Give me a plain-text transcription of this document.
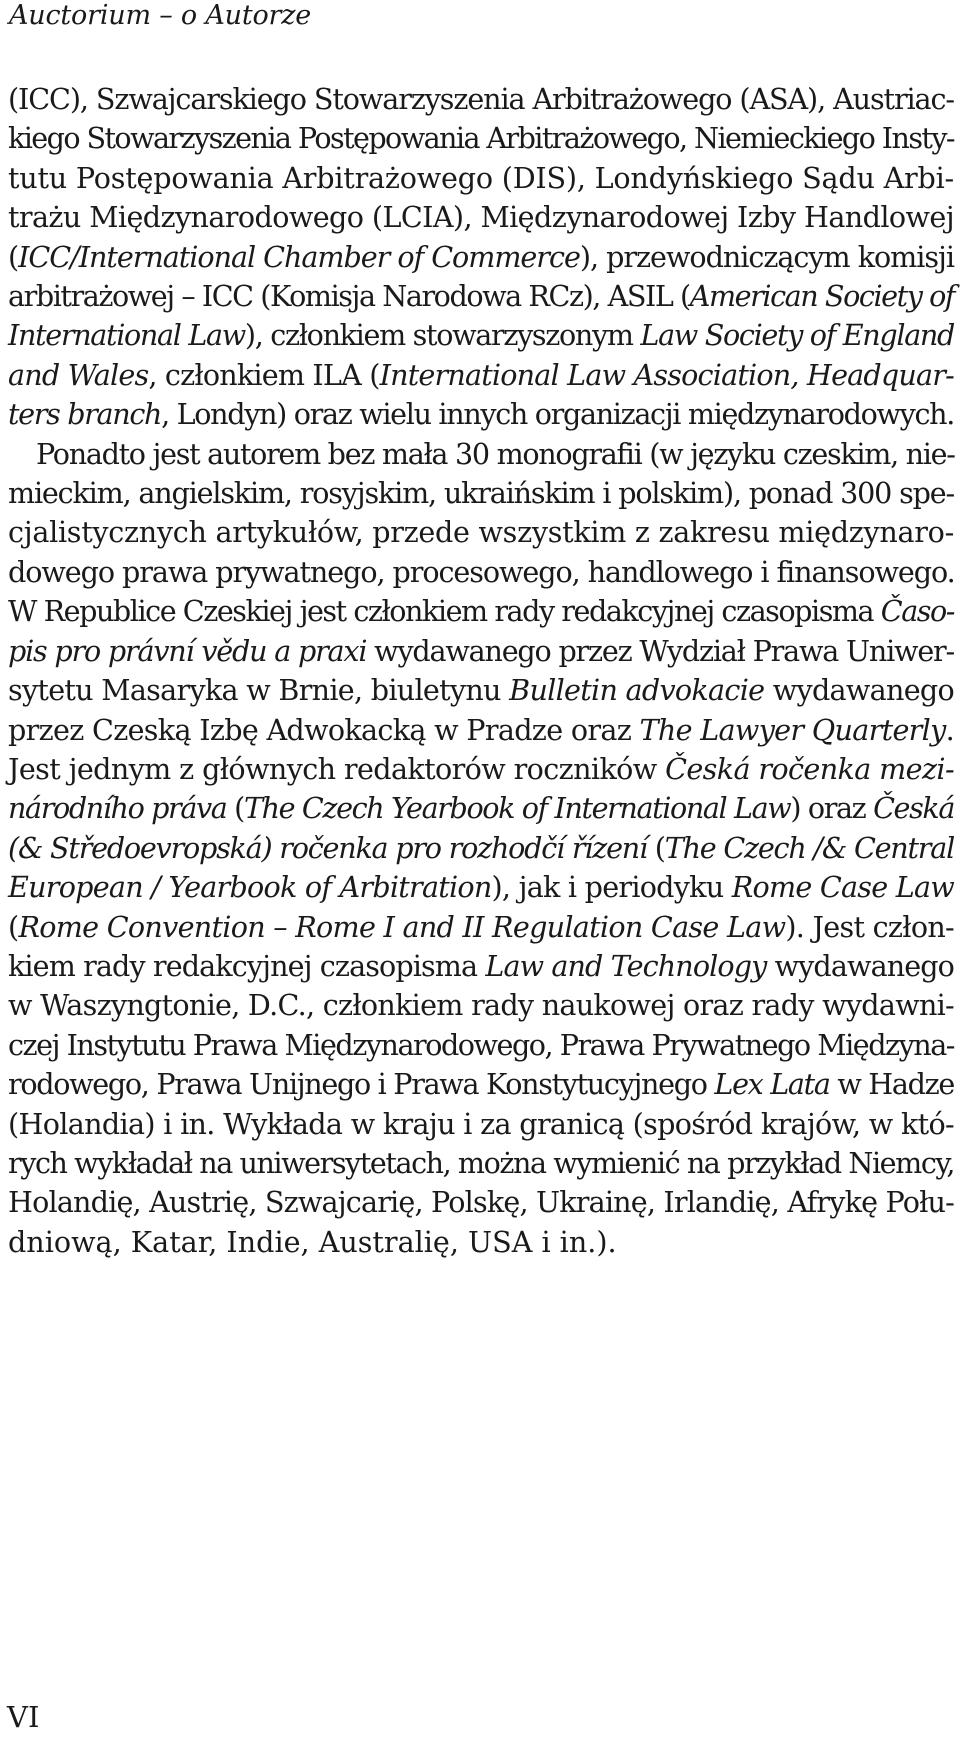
Auctorium – o Autorze
(ICC), Szwajcarskiego Stowarzyszenia Arbitrażowego (ASA), Austriac-
kiego Stowarzyszenia Postępowania Arbitrażowego, Niemieckiego Insty-
tutu Postępowania Arbitrażowego (DIS), Londyńskiego Sądu Arbi-
trażu Międzynarodowego (LCIA), Międzynarodowej Izby Handlowej
(ICC/International Chamber of Commerce), przewodniczącym komisji
arbitrażowej – ICC (Komisja Narodowa RCz), ASIL (American Society of
International Law), członkiem stowarzyszonym Law Society of England
and Wales, członkiem ILA (International Law Association, Headquar-
ters branch, Londyn) oraz wielu innych organizacji międzynarodowych.
Ponadto jest autorem bez mała 30 monografii (w języku czeskim, nie-
mieckim, angielskim, rosyjskim, ukraińskim i polskim), ponad 300 spe-
cjalistycznych artykułów, przede wszystkim z zakresu międzynaro-
dowego prawa prywatnego, procesowego, handlowego i finansowego.
W Republice Czeskiej jest członkiem rady redakcyjnej czasopisma Časo-
pis pro právní vědu a praxi wydawanego przez Wydział Prawa Uniwer-
sytetu Masaryka w Brnie, biuletynu Bulletin advokacie wydawanego
przez Czeską Izbę Adwokacką w Pradze oraz The Lawyer Quarterly.
Jest jednym z głównych redaktorów roczników Česká ročenka mezi-
národního práva (The Czech Yearbook of International Law) oraz Česká
(& Středoevropská) ročenka pro rozhodčí řízení (The Czech /& Central
European / Yearbook of Arbitration), jak i periodyku Rome Case Law
(Rome Convention – Rome I and II Regulation Case Law). Jest człon-
kiem rady redakcyjnej czasopisma Law and Technology wydawanego
w Waszyngtonie, D.C., członkiem rady naukowej oraz rady wydawni-
czej Instytutu Prawa Międzynarodowego, Prawa Prywatnego Międzyna-
rodowego, Prawa Unijnego i Prawa Konstytucyjnego Lex Lata w Hadze
(Holandia) i in. Wykłada w kraju i za granicą (spośród krajów, w któ-
rych wykładał na uniwersytetach, można wymienić na przykład Niemcy,
Holandię, Austrię, Szwajcarię, Polskę, Ukrainę, Irlandię, Afrykę Połu-
dniową, Katar, Indie, Australię, USA i in.).
VI
